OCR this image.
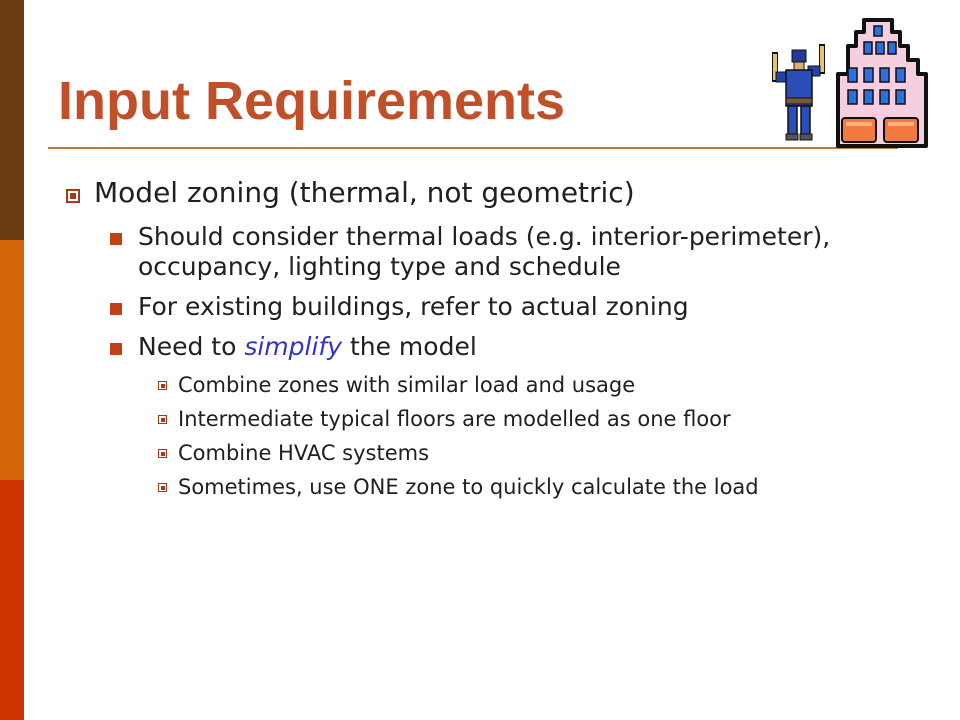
Input Requirements
Model zoning (thermal, not geometric)
Should consider thermal loads (e.g. interior-perimeter), occupancy, lighting type and schedule
For existing buildings, refer to actual zoning
Need to simplify the model
Combine zones with similar load and usage
Intermediate typical floors are modelled as one floor
Combine HVAC systems
Sometimes, use ONE zone to quickly calculate the load
